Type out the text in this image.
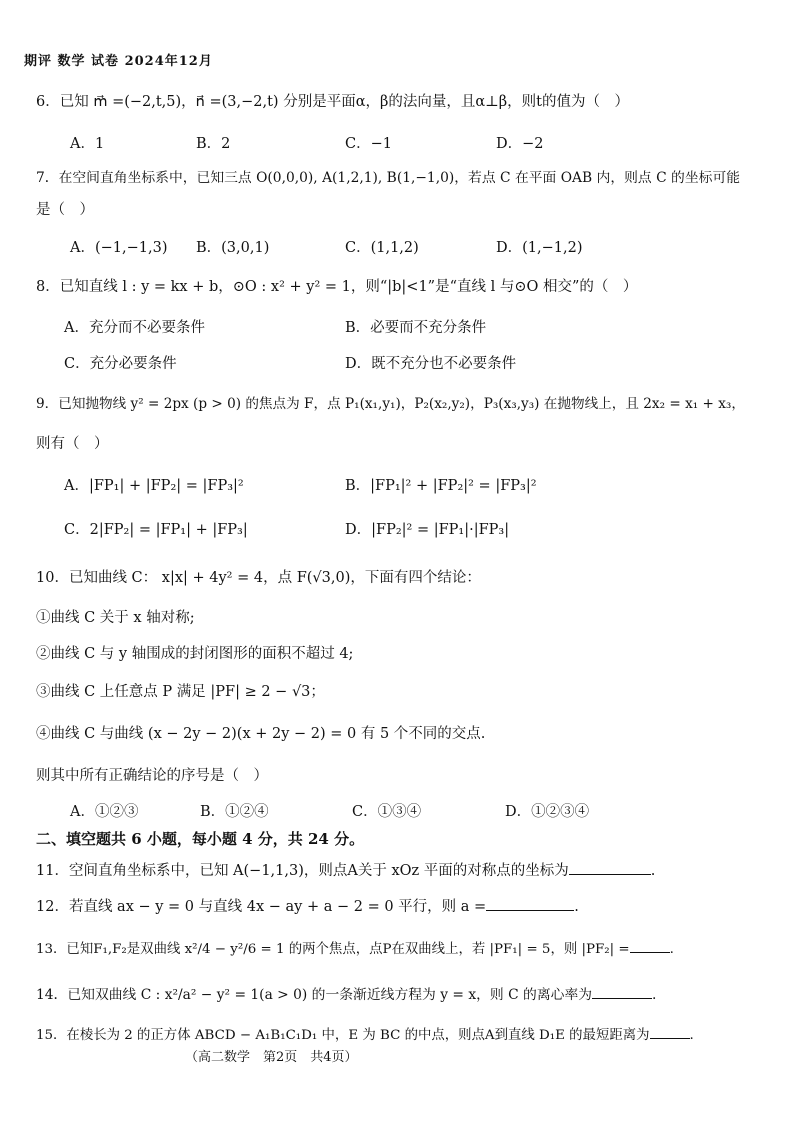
期评 数学 试卷 2024年12月
6．已知 m⃗ =(−2,t,5)，n⃗ =(3,−2,t) 分别是平面α，β的法向量，且α⊥β，则t的值为（　）
A．1	B．2	C．−1	D．−2
7．在空间直角坐标系中，已知三点 O(0,0,0), A(1,2,1), B(1,−1,0)，若点 C 在平面 OAB 内，则点 C 的坐标可能
是（　）
A．(−1,−1,3) B．(3,0,1)	C．(1,1,2)	D．(1,−1,2)
8．已知直线 l : y = kx + b，⊙O : x² + y² = 1，则“|b|<1”是“直线 l 与⊙O 相交”的（　）
A．充分而不必要条件	B．必要而不充分条件
C．充分必要条件	D．既不充分也不必要条件
9．已知抛物线 y² = 2px (p > 0) 的焦点为 F，点 P₁(x₁,y₁)，P₂(x₂,y₂)，P₃(x₃,y₃) 在抛物线上，且 2x₂ = x₁ + x₃，
则有（　）
A．|FP₁| + |FP₂| = |FP₃|²	B．|FP₁|² + |FP₂|² = |FP₃|²
C．2|FP₂| = |FP₁| + |FP₃|	D．|FP₂|² = |FP₁|·|FP₃|
10．已知曲线 C： x|x| + 4y² = 4，点 F(√3,0)，下面有四个结论：
①曲线 C 关于 x 轴对称;
②曲线 C 与 y 轴围成的封闭图形的面积不超过 4;
③曲线 C 上任意点 P 满足 |PF| ≥ 2 − √3；
④曲线 C 与曲线 (x − 2y − 2)(x + 2y − 2) = 0 有 5 个不同的交点.
则其中所有正确结论的序号是（　）
A．①②③	B．①②④	C．①③④	D．①②③④
二、填空题共 6 小题，每小题 4 分，共 24 分。
11．空间直角坐标系中，已知 A(−1,1,3)，则点A关于 xOz 平面的对称点的坐标为	.
12．若直线 ax − y = 0 与直线 4x − ay + a − 2 = 0 平行，则 a =	.
13．已知F₁,F₂是双曲线 x²/4 − y²/6 = 1 的两个焦点，点P在双曲线上，若 |PF₁| = 5，则 |PF₂| =	.
14．已知双曲线 C : x²/a² − y² = 1(a > 0) 的一条渐近线方程为 y = x，则 C 的离心率为	.
15．在棱长为 2 的正方体 ABCD − A₁B₁C₁D₁ 中，E 为 BC 的中点，则点A到直线 D₁E 的最短距离为	.
（高二数学　第2页　共4页）
